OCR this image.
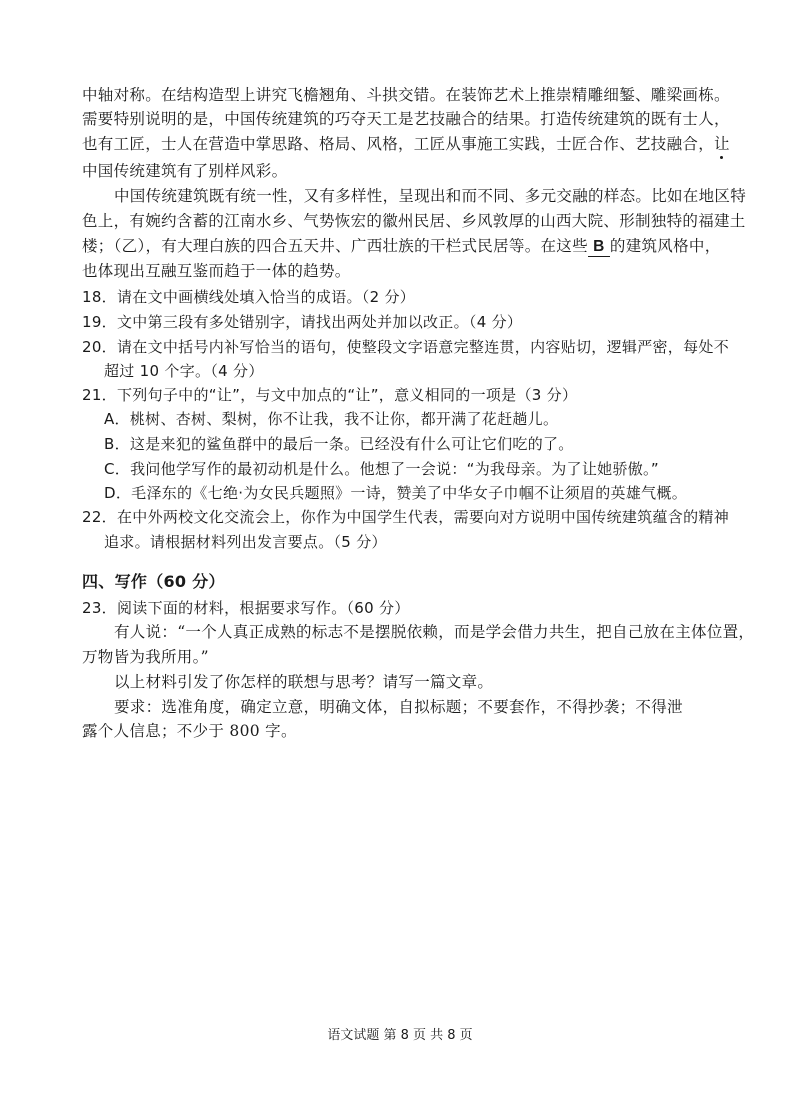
中轴对称。在结构造型上讲究飞檐翘角、斗拱交错。在装饰艺术上推崇精雕细錾、雕梁画栋。
需要特别说明的是，中国传统建筑的巧夺天工是艺技融合的结果。打造传统建筑的既有士人，
也有工匠，士人在营造中掌思路、格局、风格，工匠从事施工实践，士匠合作、艺技融合，让
中国传统建筑有了别样风彩。
中国传统建筑既有统一性，又有多样性，呈现出和而不同、多元交融的样态。比如在地区特
色上，有婉约含蓄的江南水乡、气势恢宏的徽州民居、乡风敦厚的山西大院、形制独特的福建土
楼；（乙），有大理白族的四合五天井、广西壮族的干栏式民居等。在这些 B 的建筑风格中，
也体现出互融互鉴而趋于一体的趋势。
18．请在文中画横线处填入恰当的成语。（2 分）
19．文中第三段有多处错别字，请找出两处并加以改正。（4 分）
20．请在文中括号内补写恰当的语句，使整段文字语意完整连贯，内容贴切，逻辑严密，每处不
超过 10 个字。（4 分）
21．下列句子中的“让”，与文中加点的“让”，意义相同的一项是（3 分）
A．桃树、杏树、梨树，你不让我，我不让你，都开满了花赶趟儿。
B．这是来犯的鲨鱼群中的最后一条。已经没有什么可让它们吃的了。
C．我问他学写作的最初动机是什么。他想了一会说：“为我母亲。为了让她骄傲。”
D．毛泽东的《七绝·为女民兵题照》一诗，赞美了中华女子巾帼不让须眉的英雄气概。
22．在中外两校文化交流会上，你作为中国学生代表，需要向对方说明中国传统建筑蕴含的精神
追求。请根据材料列出发言要点。（5 分）
四、写作（60 分）
23．阅读下面的材料，根据要求写作。（60 分）
有人说：“一个人真正成熟的标志不是摆脱依赖，而是学会借力共生，把自己放在主体位置，
万物皆为我所用。”
以上材料引发了你怎样的联想与思考？请写一篇文章。
要求：选准角度，确定立意，明确文体，自拟标题；不要套作，不得抄袭；不得泄
露个人信息；不少于 800 字。
语文试题 第 8 页 共 8 页
